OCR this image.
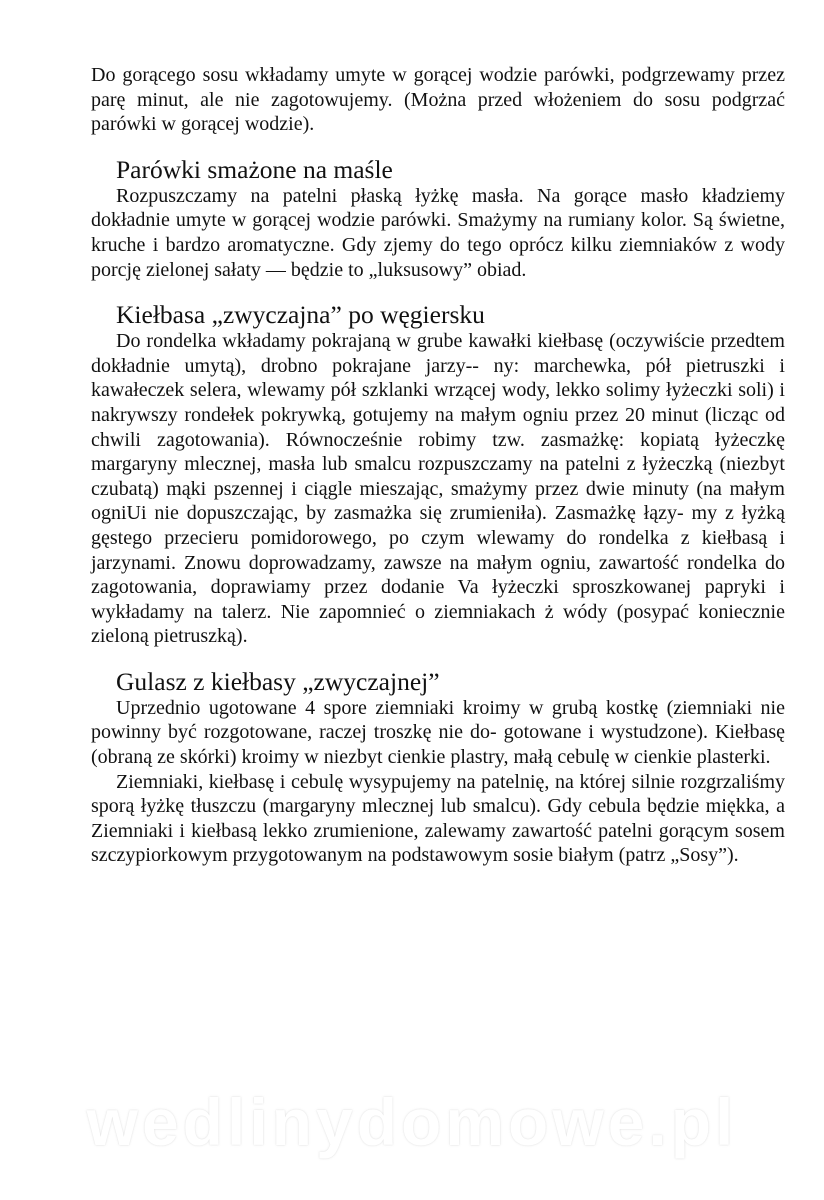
Do gorącego sosu wkładamy umyte w gorącej wodzie parówki, podgrzewamy przez parę minut, ale nie zagotowujemy. (Można przed włożeniem do sosu podgrzać parówki w gorącej wodzie).

Parówki smażone na maśle

Rozpuszczamy na patelni płaską łyżkę masła. Na gorące masło kładziemy dokładnie umyte w gorącej wodzie parówki. Smażymy na rumiany kolor. Są świetne, kruche i bardzo aromatyczne. Gdy zjemy do tego oprócz kilku ziemniaków z wody porcję zielonej sałaty — będzie to „luksusowy” obiad.

Kiełbasa „zwyczajna” po węgiersku

Do rondelka wkładamy pokrajaną w grube kawałki kiełbasę (oczywiście przedtem dokładnie umytą), drobno pokrajane jarzy-- ny: marchewka, pół pietruszki i kawałeczek selera, wlewamy pół szklanki wrzącej wody, lekko solimy łyżeczki soli) i nakrywszy rondełek pokrywką, gotujemy na małym ogniu przez 20 minut (licząc od chwili zagotowania). Równocześnie robimy tzw. zasmażkę: kopiatą łyżeczkę margaryny mlecznej, masła lub smalcu rozpuszczamy na patelni z łyżeczką (niezbyt czubatą) mąki pszennej i ciągle mieszając, smażymy przez dwie minuty (na małym ogniUi nie dopuszczając, by zasmażka się zrumieniła). Zasmażkę łązy- my z łyżką gęstego przecieru pomidorowego, po czym wlewamy do rondelka z kiełbasą i jarzynami. Znowu doprowadzamy, zawsze na małym ogniu, zawartość rondelka do zagotowania, doprawiamy przez dodanie Va łyżeczki sproszkowanej papryki i wykładamy na talerz. Nie zapomnieć o ziemniakach ż wódy (posypać koniecznie zieloną pietruszką).

Gulasz z kiełbasy „zwyczajnej”

Uprzednio ugotowane 4 spore ziemniaki kroimy w grubą kostkę (ziemniaki nie powinny być rozgotowane, raczej troszkę nie do- gotowane i wystudzone). Kiełbasę (obraną ze skórki) kroimy w niezbyt cienkie plastry, małą cebulę w cienkie plasterki.

Ziemniaki, kiełbasę i cebulę wysypujemy na patelnię, na której silnie rozgrzaliśmy sporą łyżkę tłuszczu (margaryny mlecznej lub smalcu). Gdy cebula będzie miękka, a Ziemniaki i kiełbasą lekko zrumienione, zalewamy zawartość patelni gorącym sosem szczypiorkowym przygotowanym na podstawowym sosie białym (patrz „Sosy”).

wedlinydomowe.pl
